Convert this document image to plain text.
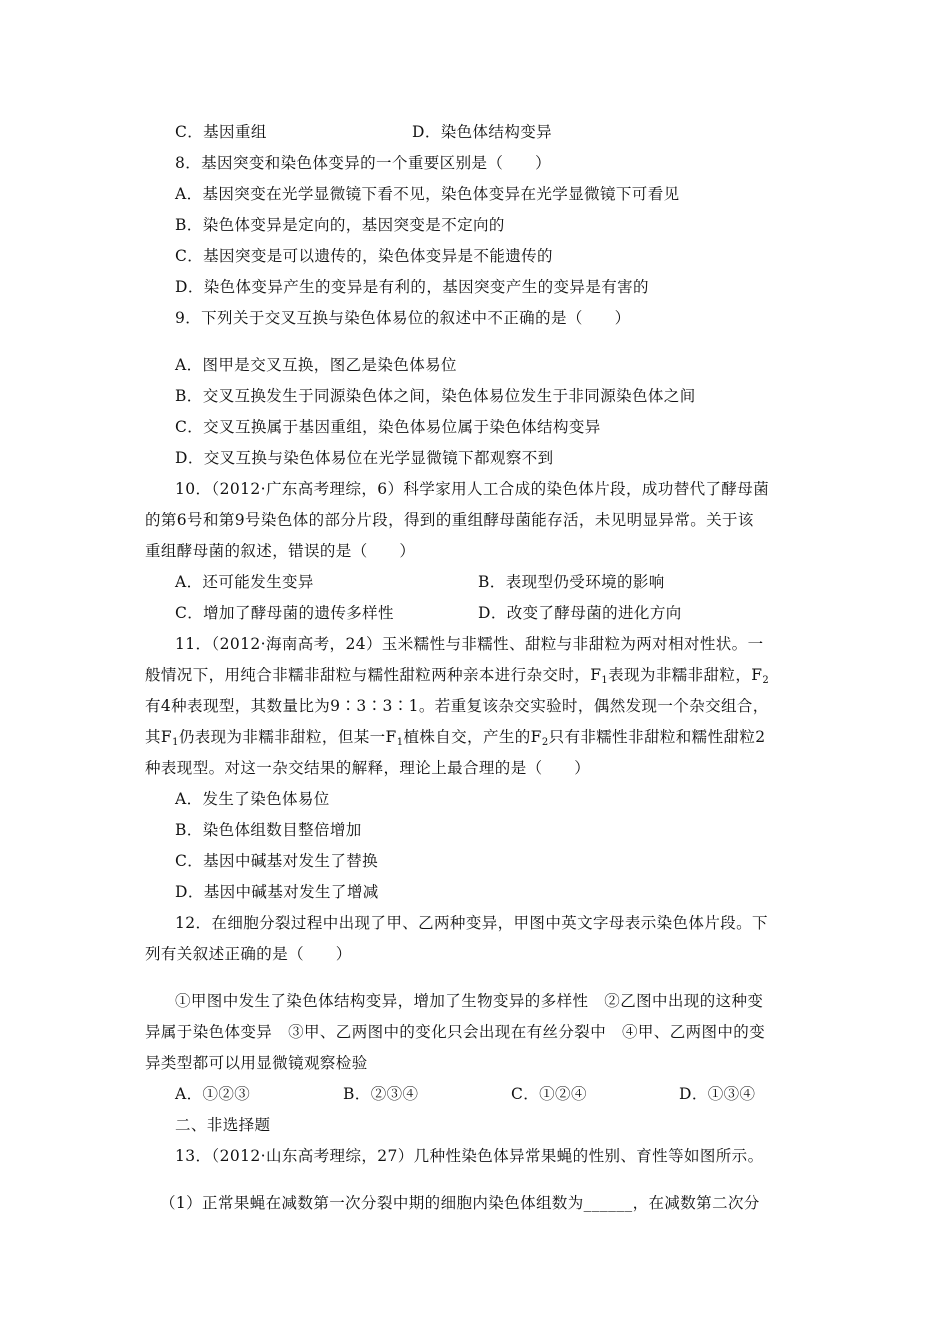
C．基因重组	D．染色体结构变异
8．基因突变和染色体变异的一个重要区别是（　　）
A．基因突变在光学显微镜下看不见，染色体变异在光学显微镜下可看见
B．染色体变异是定向的，基因突变是不定向的
C．基因突变是可以遗传的，染色体变异是不能遗传的
D．染色体变异产生的变异是有利的，基因突变产生的变异是有害的
9．下列关于交叉互换与染色体易位的叙述中不正确的是（　　）
A．图甲是交叉互换，图乙是染色体易位
B．交叉互换发生于同源染色体之间，染色体易位发生于非同源染色体之间
C．交叉互换属于基因重组，染色体易位属于染色体结构变异
D．交叉互换与染色体易位在光学显微镜下都观察不到
10．（2012·广东高考理综，6）科学家用人工合成的染色体片段，成功替代了酵母菌
的第6号和第9号染色体的部分片段，得到的重组酵母菌能存活，未见明显异常。关于该
重组酵母菌的叙述，错误的是（　　）
A．还可能发生变异	B．表现型仍受环境的影响
C．增加了酵母菌的遗传多样性	D．改变了酵母菌的进化方向
11．（2012·海南高考，24）玉米糯性与非糯性、甜粒与非甜粒为两对相对性状。一
般情况下，用纯合非糯非甜粒与糯性甜粒两种亲本进行杂交时，$F_1$表现为非糯非甜粒，$F_2$
有4种表现型，其数量比为9∶3∶3∶1。若重复该杂交实验时，偶然发现一个杂交组合，
其$F_1$仍表现为非糯非甜粒，但某一$F_1$植株自交，产生的$F_2$只有非糯性非甜粒和糯性甜粒2
种表现型。对这一杂交结果的解释，理论上最合理的是（　　）
A．发生了染色体易位
B．染色体组数目整倍增加
C．基因中碱基对发生了替换
D．基因中碱基对发生了增减
12．在细胞分裂过程中出现了甲、乙两种变异，甲图中英文字母表示染色体片段。下
列有关叙述正确的是（　　）
①甲图中发生了染色体结构变异，增加了生物变异的多样性　②乙图中出现的这种变
异属于染色体变异　③甲、乙两图中的变化只会出现在有丝分裂中　④甲、乙两图中的变
异类型都可以用显微镜观察检验
A．①②③	B．②③④	C．①②④	D．①③④
二、非选择题
13．（2012·山东高考理综，27）几种性染色体异常果蝇的性别、育性等如图所示。
（1）正常果蝇在减数第一次分裂中期的细胞内染色体组数为______，在减数第二次分
